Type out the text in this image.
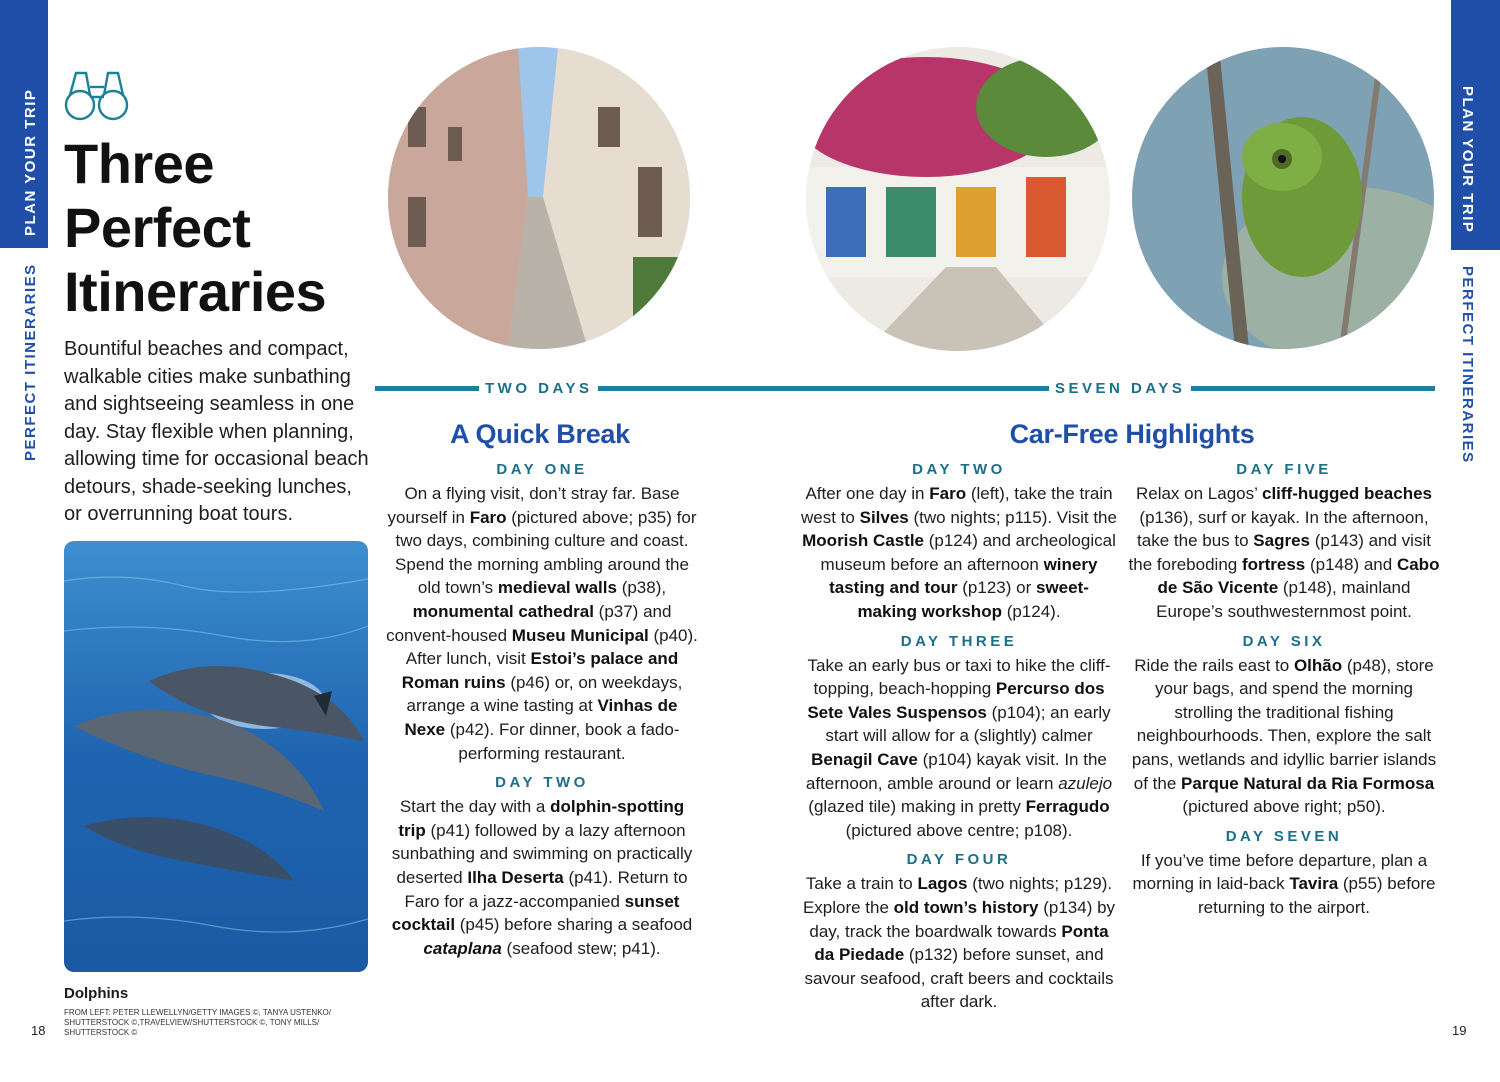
PLAN YOUR TRIP
PERFECT ITINERARIES
PLAN YOUR TRIP
PERFECT ITINERARIES
Three
Perfect
Itineraries
Bountiful beaches and compact, walkable cities make sunbathing and sightseeing seamless in one day. Stay flexible when planning, allowing time for occasional beach detours, shade-seeking lunches, or overrunning boat tours.
Dolphins
FROM LEFT: PETER LLEWELLYN/GETTY IMAGES ©, TANYA USTENKO/ SHUTTERSTOCK ©,TRAVELVIEW/SHUTTERSTOCK ©, TONY MILLS/ SHUTTERSTOCK ©
18	19
TWO DAYS	SEVEN DAYS
A Quick Break	Car-Free Highlights
DAY ONE

On a flying visit, don’t stray far. Base yourself in Faro (pictured above; p35) for two days, combining culture and coast. Spend the morning ambling around the old town’s medieval walls (p38), monumental cathedral (p37) and convent-housed Museu Municipal (p40). After lunch, visit Estoi’s palace and Roman ruins (p46) or, on weekdays, arrange a wine tasting at Vinhas de Nexe (p42). For dinner, book a fado-performing restaurant.

DAY TWO

Start the day with a dolphin-spotting trip (p41) followed by a lazy afternoon sunbathing and swimming on practically deserted Ilha Deserta (p41). Return to Faro for a jazz-accompanied sunset cocktail (p45) before sharing a seafood cataplana (seafood stew; p41).

DAY TWO

After one day in Faro (left), take the train west to Silves (two nights; p115). Visit the Moorish Castle (p124) and archeological museum before an afternoon winery tasting and tour (p123) or sweet-making workshop (p124).

DAY THREE

Take an early bus or taxi to hike the cliff-topping, beach-hopping Percurso dos Sete Vales Suspensos (p104); an early start will allow for a (slightly) calmer Benagil Cave (p104) kayak visit. In the afternoon, amble around or learn azulejo (glazed tile) making in pretty Ferragudo (pictured above centre; p108).

DAY FOUR

Take a train to Lagos (two nights; p129). Explore the old town’s history (p134) by day, track the boardwalk towards Ponta da Piedade (p132) before sunset, and savour seafood, craft beers and cocktails after dark.

DAY FIVE

Relax on Lagos’ cliff-hugged beaches (p136), surf or kayak. In the afternoon, take the bus to Sagres (p143) and visit the foreboding fortress (p148) and Cabo de São Vicente (p148), mainland Europe’s southwesternmost point.

DAY SIX

Ride the rails east to Olhão (p48), store your bags, and spend the morning strolling the traditional fishing neighbourhoods. Then, explore the salt pans, wetlands and idyllic barrier islands of the Parque Natural da Ria Formosa (pictured above right; p50).

DAY SEVEN

If you’ve time before departure, plan a morning in laid-back Tavira (p55) before returning to the airport.
